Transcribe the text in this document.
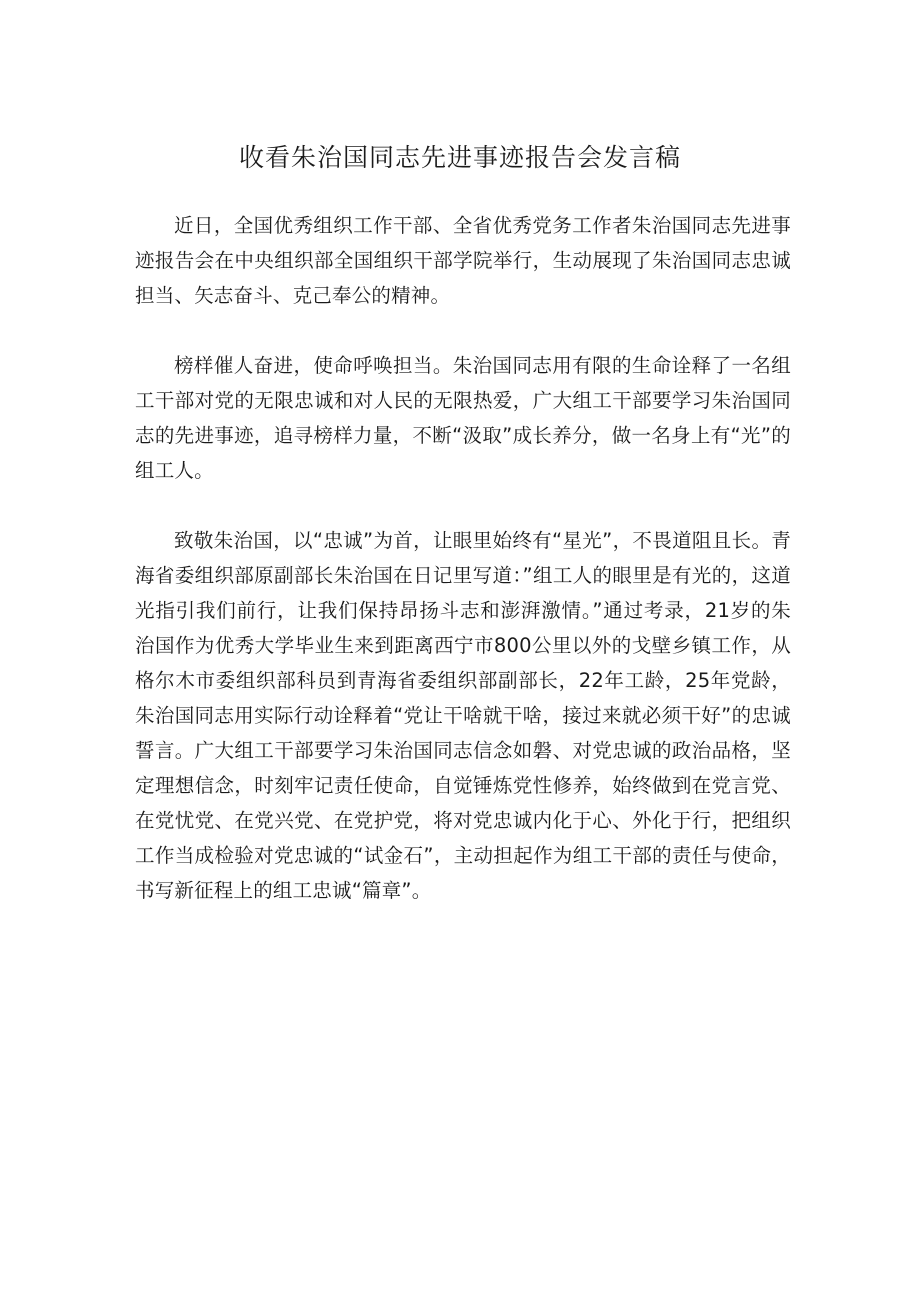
收看朱治国同志先进事迹报告会发言稿

近日，全国优秀组织工作干部、全省优秀党务工作者朱治国同志先进事迹报告会在中央组织部全国组织干部学院举行，生动展现了朱治国同志忠诚担当、矢志奋斗、克己奉公的精神。

榜样催人奋进，使命呼唤担当。朱治国同志用有限的生命诠释了一名组工干部对党的无限忠诚和对人民的无限热爱，广大组工干部要学习朱治国同志的先进事迹，追寻榜样力量，不断“汲取”成长养分，做一名身上有“光”的组工人。

致敬朱治国，以“忠诚”为首，让眼里始终有“星光”，不畏道阻且长。青海省委组织部原副部长朱治国在日记里写道：”组工人的眼里是有光的，这道光指引我们前行，让我们保持昂扬斗志和澎湃激情。”通过考录，21岁的朱治国作为优秀大学毕业生来到距离西宁市800公里以外的戈壁乡镇工作，从格尔木市委组织部科员到青海省委组织部副部长，22年工龄，25年党龄，朱治国同志用实际行动诠释着“党让干啥就干啥，接过来就必须干好”的忠诚誓言。广大组工干部要学习朱治国同志信念如磐、对党忠诚的政治品格，坚定理想信念，时刻牢记责任使命，自觉锤炼党性修养，始终做到在党言党、在党忧党、在党兴党、在党护党，将对党忠诚内化于心、外化于行，把组织工作当成检验对党忠诚的“试金石”，主动担起作为组工干部的责任与使命，书写新征程上的组工忠诚“篇章”。
